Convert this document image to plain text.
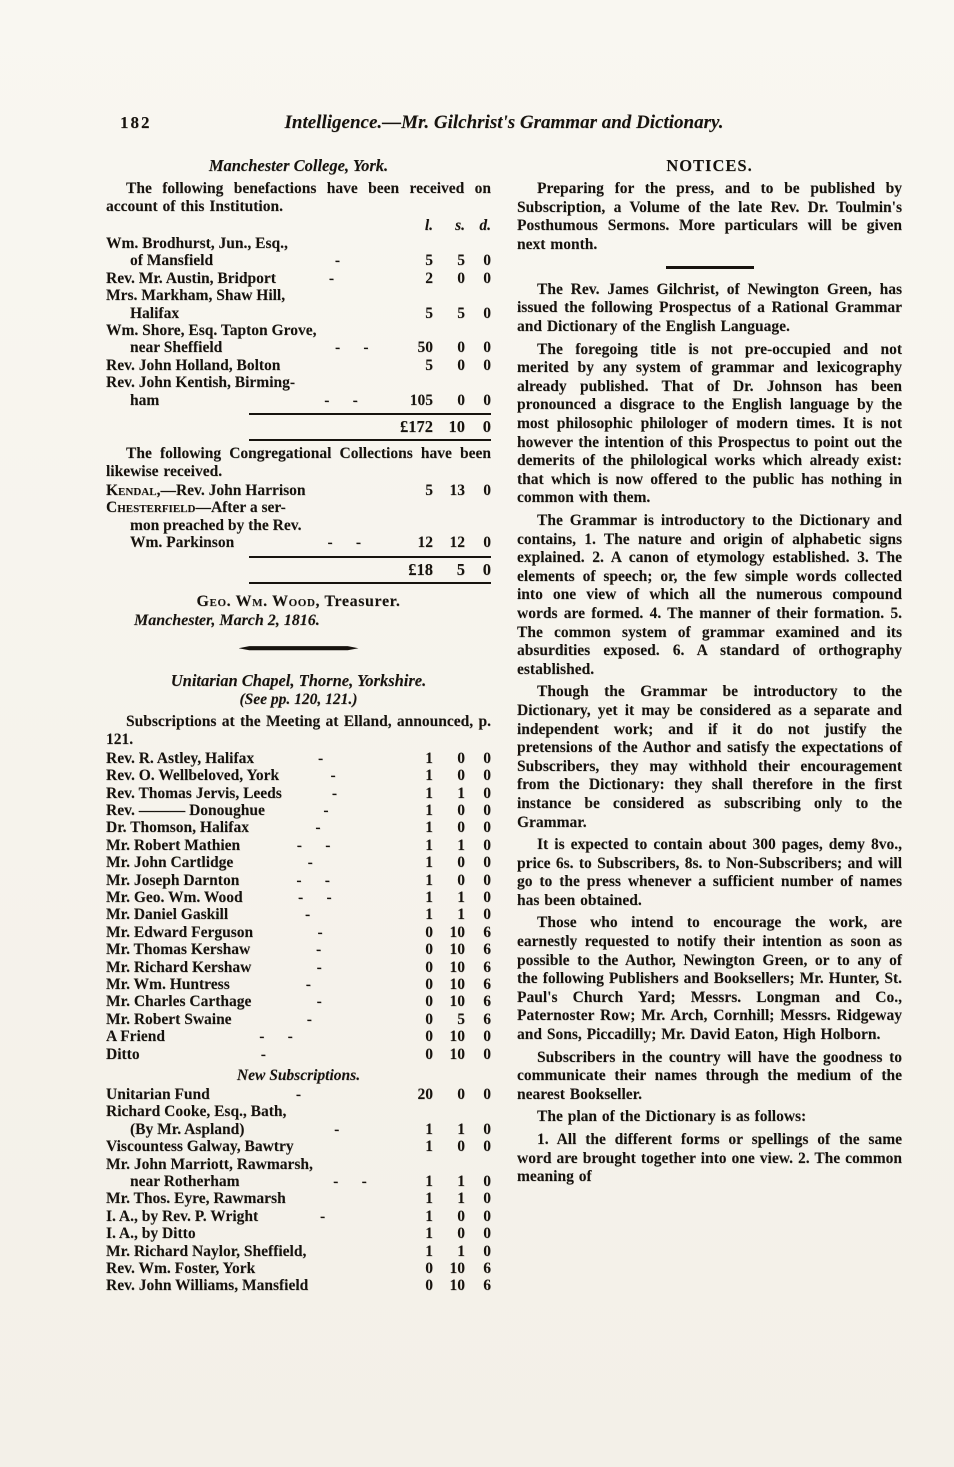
182	Intelligence.—Mr. Gilchrist's Grammar and Dictionary.
Manchester College, York.

The following benefactions have been received on account of this Institution.

l.	s. d.
Wm. Brodhurst, Jun., Esq.,
of Mansfield	-	5	5	0
Rev. Mr. Austin, Bridport	-	2	0	0
Mrs. Markham, Shaw Hill,
Halifax	5	5	0
Wm. Shore, Esq. Tapton Grove,
near Sheffield	-      -	50	0	0
Rev. John Holland, Bolton	5	0	0
Rev. John Kentish, Birming-
ham	-      -	105	0	0
£172 10	0

The following Congregational Collections have been likewise received.

Kendal,—Rev. John Harrison	5	13	0
Chesterfield—After a ser-
mon preached by the Rev.
Wm. Parkinson	-      -	12	12	0
£18	5	0
Geo. Wm. Wood, Treasurer.
Manchester, March 2, 1816.
Unitarian Chapel, Thorne, Yorkshire.
(See pp. 120, 121.)

Subscriptions at the Meeting at Elland, announced, p. 121.

Rev. R. Astley, Halifax	-	1	0	0
Rev. O. Wellbeloved, York	-	1	0	0
Rev. Thomas Jervis, Leeds	-	1	1	0
Rev. ——— Donoughue	-	1	0	0
Dr. Thomson, Halifax	-	1	0	0
Mr. Robert Mathien	-      -	1	1	0
Mr. John Cartlidge	-	1	0	0
Mr. Joseph Darnton	-      -	1	0	0
Mr. Geo. Wm. Wood	-      -	1	1	0
Mr. Daniel Gaskill	-	1	1	0
Mr. Edward Ferguson	-	0	10	6
Mr. Thomas Kershaw	-	0	10	6
Mr. Richard Kershaw	-	0	10	6
Mr. Wm. Huntress	-	0	10	6
Mr. Charles Carthage	-	0	10	6
Mr. Robert Swaine	-	0	5	6
A Friend	-      -	0	10	0
Ditto	-	0	10	0
New Subscriptions.
Unitarian Fund	-	20	0	0
Richard Cooke, Esq., Bath,
(By Mr. Aspland)	-	1	1	0
Viscountess Galway, Bawtry	1	0	0
Mr. John Marriott, Rawmarsh,
near Rotherham	-      -	1	1	0
Mr. Thos. Eyre, Rawmarsh	1	1	0
I. A., by Rev. P. Wright	-	1	0	0
I. A., by Ditto	1	0	0
Mr. Richard Naylor, Sheffield,	1	1	0
Rev. Wm. Foster, York	0	10	6
Rev. John Williams, Mansfield	0	10	6
NOTICES.

Preparing for the press, and to be published by Subscription, a Volume of the late Rev. Dr. Toulmin's Posthumous Sermons. More particulars will be given next month.

The Rev. James Gilchrist, of Newington Green, has issued the following Prospectus of a Rational Grammar and Dictionary of the English Language.

The foregoing title is not pre-occupied and not merited by any system of grammar and lexicography already published. That of Dr. Johnson has been pronounced a disgrace to the English language by the most philosophic philologer of modern times. It is not however the intention of this Prospectus to point out the demerits of the philological works which already exist: that which is now offered to the public has nothing in common with them.

The Grammar is introductory to the Dictionary and contains, 1. The nature and origin of alphabetic signs explained. 2. A canon of etymology established. 3. The elements of speech; or, the few simple words collected into one view of which all the numerous compound words are formed. 4. The manner of their formation. 5. The common system of grammar examined and its absurdities exposed. 6. A standard of orthography established.

Though the Grammar be introductory to the Dictionary, yet it may be considered as a separate and independent work; and if it do not justify the pretensions of the Author and satisfy the expectations of Subscribers, they may withhold their encouragement from the Dictionary: they shall therefore in the first instance be considered as subscribing only to the Grammar.

It is expected to contain about 300 pages, demy 8vo., price 6s. to Subscribers, 8s. to Non-Subscribers; and will go to the press whenever a sufficient number of names has been obtained.

Those who intend to encourage the work, are earnestly requested to notify their intention as soon as possible to the Author, Newington Green, or to any of the following Publishers and Booksellers; Mr. Hunter, St. Paul's Church Yard; Messrs. Longman and Co., Paternoster Row; Mr. Arch, Cornhill; Messrs. Ridgeway and Sons, Piccadilly; Mr. David Eaton, High Holborn.

Subscribers in the country will have the goodness to communicate their names through the medium of the nearest Bookseller.

The plan of the Dictionary is as follows:

1. All the different forms or spellings of the same word are brought together into one view. 2. The common meaning of
